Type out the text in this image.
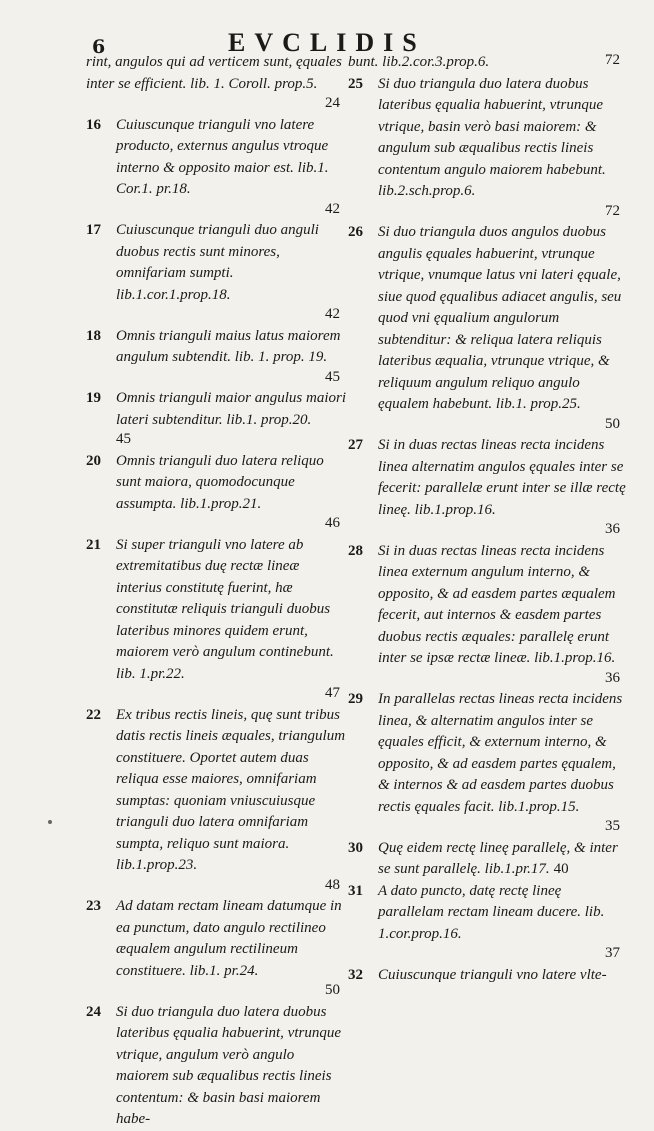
6	EVCLIDIS

rint, angulos qui ad verticem sunt, ęquales inter se efficient. lib. 1. Coroll. prop.5.
24

16 Cuiuscunque trianguli vno latere producto, externus angulus vtroque interno & opposito maior est. lib.1. Cor.1. pr.18.
42

17 Cuiuscunque trianguli duo anguli duobus rectis sunt minores, omnifariam sumpti. lib.1.cor.1.prop.18.
42

18 Omnis trianguli maius latus maiorem angulum subtendit. lib. 1. prop. 19.
45

19 Omnis trianguli maior angulus maiori lateri subtenditur. lib.1. prop.20.
45

20 Omnis trianguli duo latera reliquo sunt maiora, quomodocunque assumpta. lib.1.prop.21.
46

21 Si super trianguli vno latere ab extremitatibus duę rectæ lineæ interius constitutę fuerint, hæ constitutæ reliquis trianguli duobus lateribus minores quidem erunt, maiorem verò angulum continebunt. lib. 1.pr.22.
47

22 Ex tribus rectis lineis, quę sunt tribus datis rectis lineis æquales, triangulum constituere. Oportet autem duas reliqua esse maiores, omnifariam sumptas: quoniam vniuscuiusque trianguli duo latera omnifariam sumpta, reliquo sunt maiora. lib.1.prop.23.
48

23 Ad datam rectam lineam datumque in ea punctum, dato angulo rectilineo æqualem angulum rectilineum constituere. lib.1. pr.24.
50

24 Si duo triangula duo latera duobus lateribus ęqualia habuerint, vtrunque vtrique, angulum verò angulo maiorem sub æqualibus rectis lineis contentum: & basin basi maiorem habe-

bunt. lib.2.cor.3.prop.6.	72

25 Si duo triangula duo latera duobus lateribus ęqualia habuerint, vtrunque vtrique, basin verò basi maiorem: & angulum sub æqualibus rectis lineis contentum angulo maiorem habebunt. lib.2.sch.prop.6.
72

26 Si duo triangula duos angulos duobus angulis ęquales habuerint, vtrunque vtrique, vnumque latus vni lateri ęquale, siue quod ęqualibus adiacet angulis, seu quod vni ęqualium angulorum subtenditur: & reliqua latera reliquis lateribus æqualia, vtrunque vtrique, & reliquum angulum reliquo angulo ęqualem habebunt. lib.1. prop.25.
50

27 Si in duas rectas lineas recta incidens linea alternatim angulos ęquales inter se fecerit: parallelæ erunt inter se illæ rectę lineę. lib.1.prop.16.
36

28 Si in duas rectas lineas recta incidens linea externum angulum interno, & opposito, & ad easdem partes æqualem fecerit, aut internos & easdem partes duobus rectis æquales: parallelę erunt inter se ipsæ rectæ lineæ. lib.1.prop.16.
36

29 In parallelas rectas lineas recta incidens linea, & alternatim angulos inter se ęquales efficit, & externum interno, & opposito, & ad easdem partes ęqualem, & internos & ad easdem partes duobus rectis ęquales facit. lib.1.prop.15.
35

30 Quę eidem rectę lineę parallelę, & inter se sunt parallelę. lib.1.pr.17. 40

31 A dato puncto, datę rectę lineę parallelam rectam lineam ducere. lib. 1.cor.prop.16.
37

32 Cuiuscunque trianguli vno latere vlte-
